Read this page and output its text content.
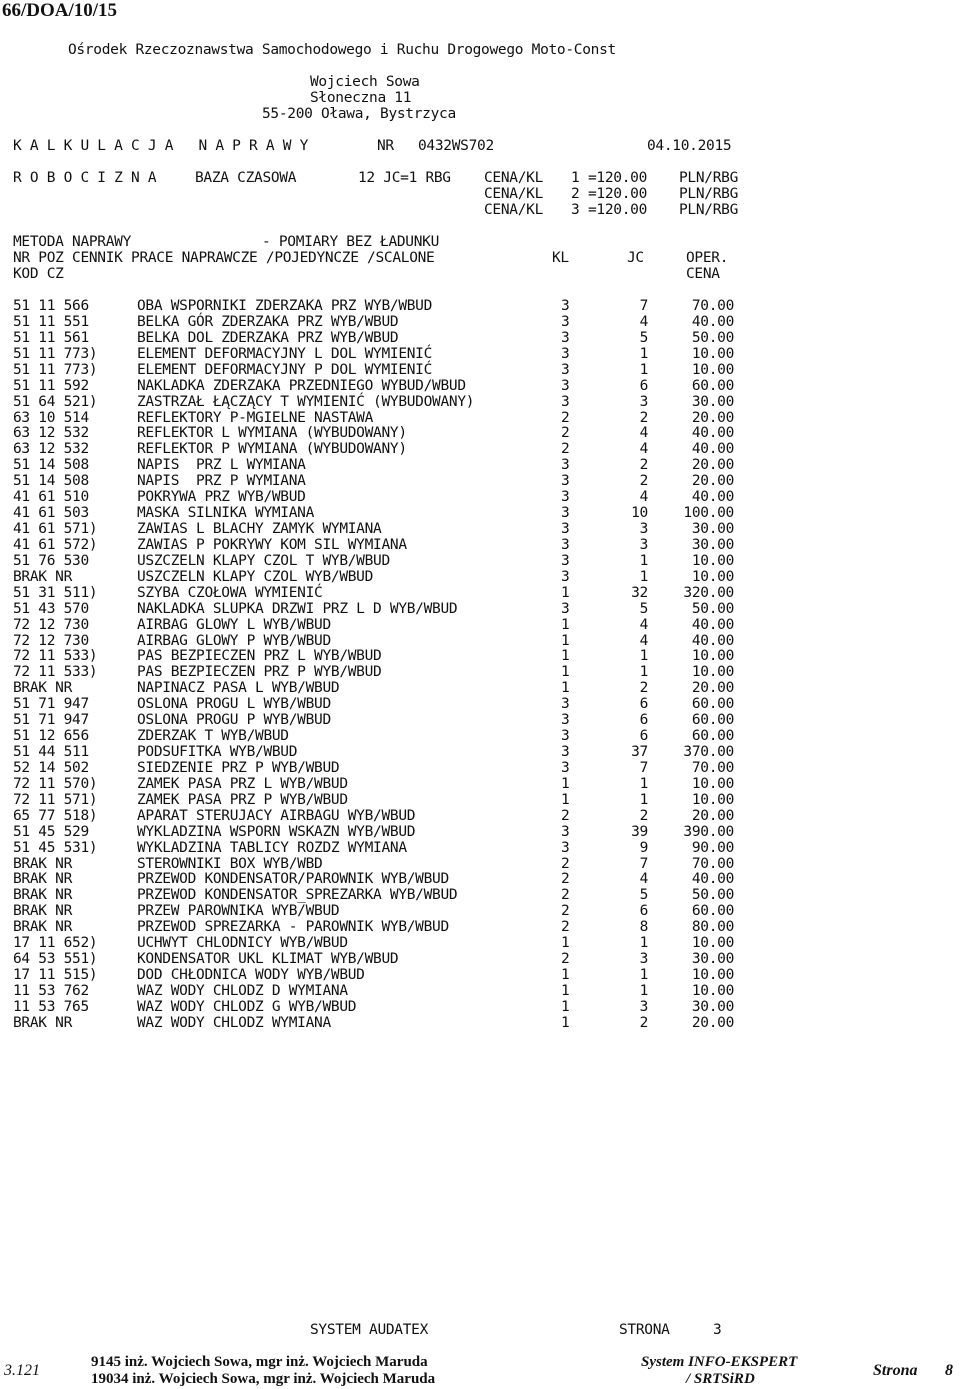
66/DOA/10/15
Ośrodek Rzeczoznawstwa Samochodowego i Ruchu Drogowego Moto-Const
Wojciech Sowa
Słoneczna 11
55-200 Oława, Bystrzyca
K A L K U L A C J A   N A P R A W Y	NR 0432WS702	04.10.2015
R O B O C I Z N A	BAZA CZASOWA	12 JC=1 RBG CENA/KL 1 =120.00 PLN/RBG
CENA/KL 2 =120.00 PLN/RBG
CENA/KL 3 =120.00 PLN/RBG
METODA NAPRAWY	- POMIARY BEZ ŁADUNKU
NR POZ CENNIK PRACE NAPRAWCZE /POJEDYNCZE /SCALONE	KL	JC	OPER.
KOD CZ	CENA
51 11 566	OBA WSPORNIKI ZDERZAKA PRZ WYB/WBUD	3	7	70.00
51 11 551	BELKA GÓR ZDERZAKA PRZ WYB/WBUD	3	4	40.00
51 11 561	BELKA DOL ZDERZAKA PRZ WYB/WBUD	3	5	50.00
51 11 773)	ELEMENT DEFORMACYJNY L DOL WYMIENIĆ	3	1	10.00
51 11 773)	ELEMENT DEFORMACYJNY P DOL WYMIENIĆ	3	1	10.00
51 11 592	NAKLADKA ZDERZAKA PRZEDNIEGO WYBUD/WBUD	3	6	60.00
51 64 521)	ZASTRZAŁ ŁĄCZĄCY T WYMIENIĆ (WYBUDOWANY)	3	3	30.00
63 10 514	REFLEKTORY P-MGIELNE NASTAWA	2	2	20.00
63 12 532	REFLEKTOR L WYMIANA (WYBUDOWANY)	2	4	40.00
63 12 532	REFLEKTOR P WYMIANA (WYBUDOWANY)	2	4	40.00
51 14 508	NAPIS  PRZ L WYMIANA	3	2	20.00
51 14 508	NAPIS  PRZ P WYMIANA	3	2	20.00
41 61 510	POKRYWA PRZ WYB/WBUD	3	4	40.00
41 61 503	MASKA SILNIKA WYMIANA	3	10	100.00
41 61 571)	ZAWIAS L BLACHY ZAMYK WYMIANA	3	3	30.00
41 61 572)	ZAWIAS P POKRYWY KOM SIL WYMIANA	3	3	30.00
51 76 530	USZCZELN KLAPY CZOL T WYB/WBUD	3	1	10.00
BRAK NR	USZCZELN KLAPY CZOL WYB/WBUD	3	1	10.00
51 31 511)	SZYBA CZOŁOWA WYMIENIĆ	1	32	320.00
51 43 570	NAKLADKA SLUPKA DRZWI PRZ L D WYB/WBUD	3	5	50.00
72 12 730	AIRBAG GLOWY L WYB/WBUD	1	4	40.00
72 12 730	AIRBAG GLOWY P WYB/WBUD	1	4	40.00
72 11 533)	PAS BEZPIECZEN PRZ L WYB/WBUD	1	1	10.00
72 11 533)	PAS BEZPIECZEN PRZ P WYB/WBUD	1	1	10.00
BRAK NR	NAPINACZ PASA L WYB/WBUD	1	2	20.00
51 71 947	OSLONA PROGU L WYB/WBUD	3	6	60.00
51 71 947	OSLONA PROGU P WYB/WBUD	3	6	60.00
51 12 656	ZDERZAK T WYB/WBUD	3	6	60.00
51 44 511	PODSUFITKA WYB/WBUD	3	37	370.00
52 14 502	SIEDZENIE PRZ P WYB/WBUD	3	7	70.00
72 11 570)	ZAMEK PASA PRZ L WYB/WBUD	1	1	10.00
72 11 571)	ZAMEK PASA PRZ P WYB/WBUD	1	1	10.00
65 77 518)	APARAT STERUJACY AIRBAGU WYB/WBUD	2	2	20.00
51 45 529	WYKLADZINA WSPORN WSKAZN WYB/WBUD	3	39	390.00
51 45 531)	WYKLADZINA TABLICY ROZDZ WYMIANA	3	9	90.00
BRAK NR	STEROWNIKI BOX WYB/WBD	2	7	70.00
BRAK NR	PRZEWOD KONDENSATOR/PAROWNIK WYB/WBUD	2	4	40.00
BRAK NR	PRZEWOD KONDENSATOR_SPREZARKA WYB/WBUD	2	5	50.00
BRAK NR	PRZEW PAROWNIKA WYB/WBUD	2	6	60.00
BRAK NR	PRZEWOD SPREZARKA - PAROWNIK WYB/WBUD	2	8	80.00
17 11 652)	UCHWYT CHLODNICY WYB/WBUD	1	1	10.00
64 53 551)	KONDENSATOR UKL KLIMAT WYB/WBUD	2	3	30.00
17 11 515)	DOD CHŁODNICA WODY WYB/WBUD	1	1	10.00
11 53 762	WAZ WODY CHLODZ D WYMIANA	1	1	10.00
11 53 765	WAZ WODY CHLODZ G WYB/WBUD	1	3	30.00
BRAK NR	WAZ WODY CHLODZ WYMIANA	1	2	20.00
SYSTEM AUDATEX	STRONA	3
3.121	9145 inż. Wojciech Sowa, mgr inż. Wojciech Maruda
19034 inż. Wojciech Sowa, mgr inż. Wojciech Maruda
System INFO-EKSPERT
/ SRTSiRD	Strona 8
